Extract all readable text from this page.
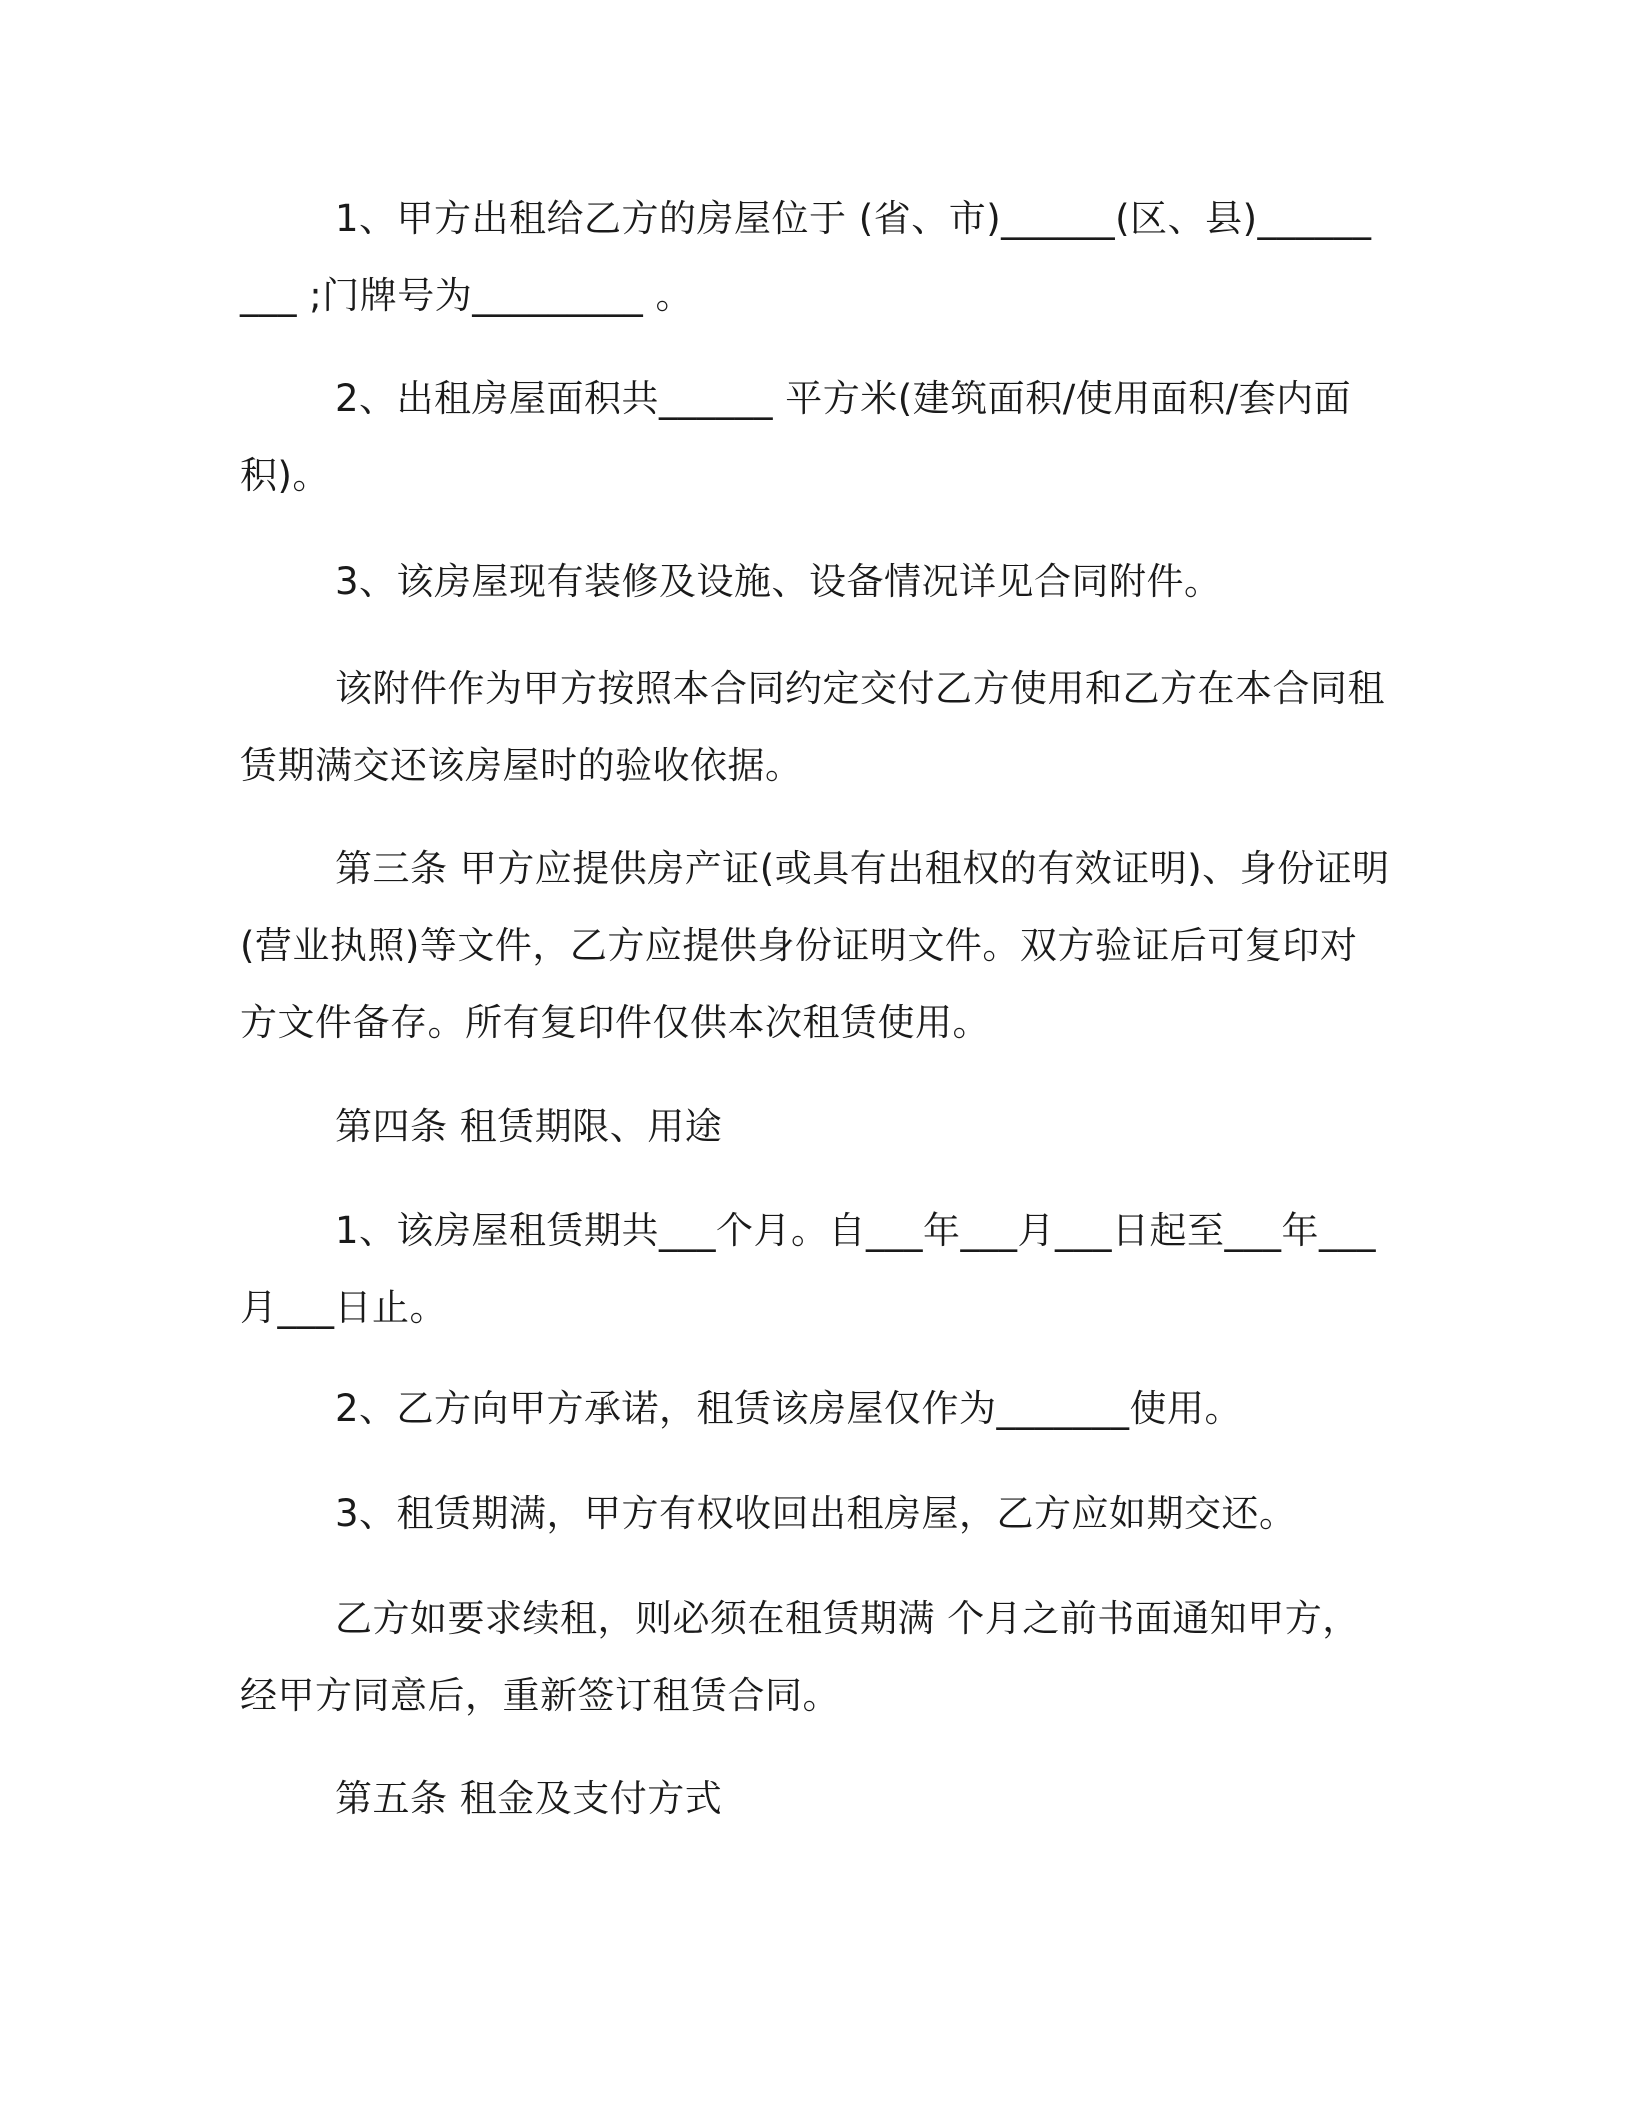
1、甲方出租给乙方的房屋位于 (省、市)______(区、县)_________ ;门牌号为_________ 。

2、出租房屋面积共______ 平方米(建筑面积/使用面积/套内面积)。

3、该房屋现有装修及设施、设备情况详见合同附件。

该附件作为甲方按照本合同约定交付乙方使用和乙方在本合同租赁期满交还该房屋时的验收依据。

第三条 甲方应提供房产证(或具有出租权的有效证明)、身份证明(营业执照)等文件，乙方应提供身份证明文件。双方验证后可复印对方文件备存。所有复印件仅供本次租赁使用。

第四条 租赁期限、用途

1、该房屋租赁期共___个月。自___年___月___日起至___年___月___日止。

2、乙方向甲方承诺，租赁该房屋仅作为_______使用。

3、租赁期满，甲方有权收回出租房屋，乙方应如期交还。

乙方如要求续租，则必须在租赁期满 个月之前书面通知甲方，经甲方同意后，重新签订租赁合同。

第五条 租金及支付方式
